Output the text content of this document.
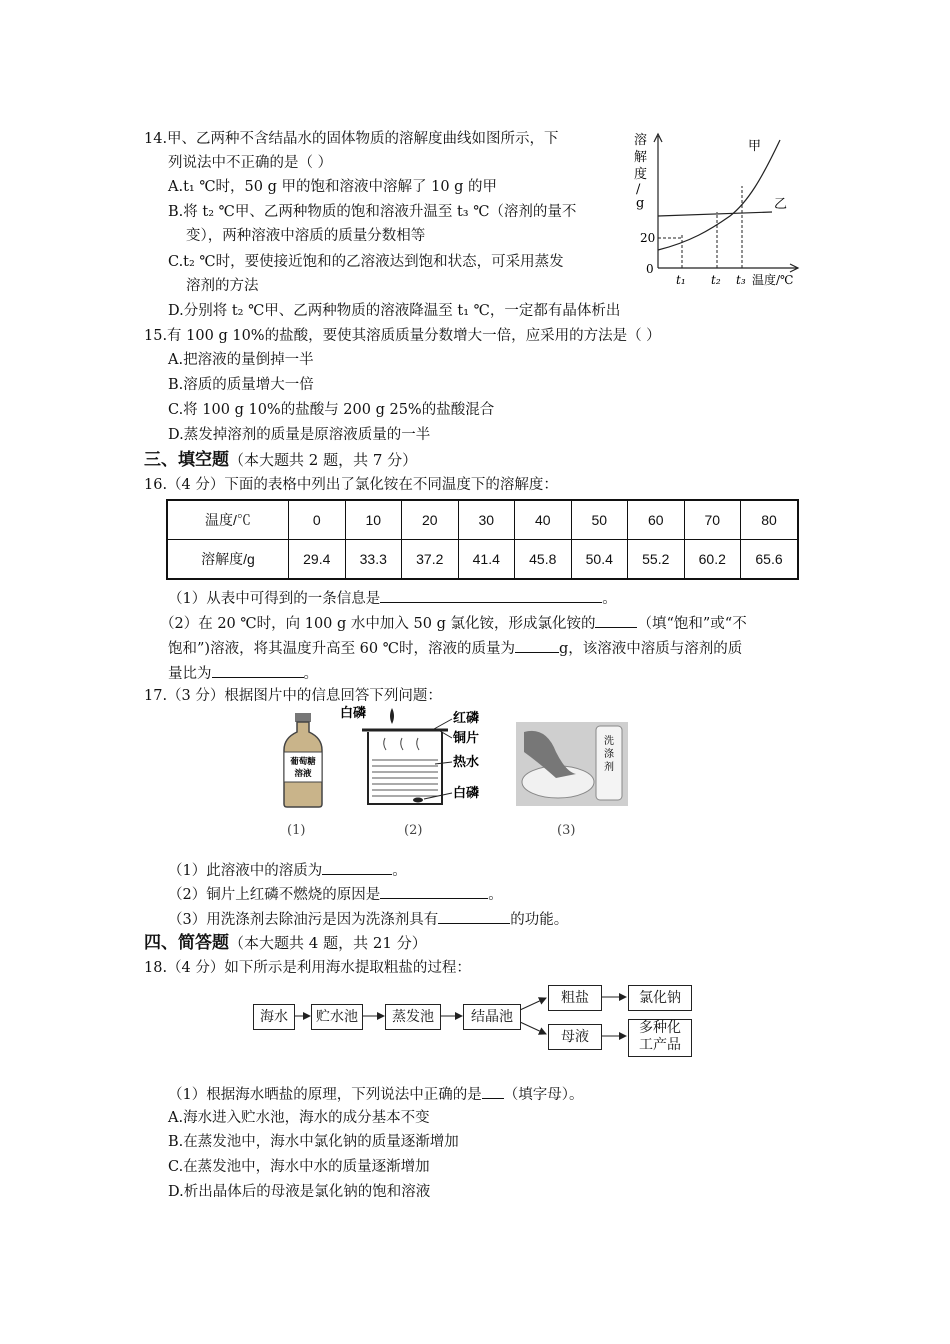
14.甲、乙两种不含结晶水的固体物质的溶解度曲线如图所示，下
列说法中不正确的是（ ）
A.t₁ ℃时，50 g 甲的饱和溶液中溶解了 10 g 的甲
B.将 t₂ ℃甲、乙两种物质的饱和溶液升温至 t₃ ℃（溶剂的量不
变），两种溶液中溶质的质量分数相等
C.t₂ ℃时，要使接近饱和的乙溶液达到饱和状态，可采用蒸发
溶剂的方法
D.分别将 t₂ ℃甲、乙两种物质的溶液降温至 t₁ ℃，一定都有晶体析出
溶
解
度
/
g
0
20
甲
乙
t₁ t₂ t₃ 温度/℃
15.有 100 g 10%的盐酸，要使其溶质质量分数增大一倍，应采用的方法是（ ）
A.把溶液的量倒掉一半
B.溶质的质量增大一倍
C.将 100 g 10%的盐酸与 200 g 25%的盐酸混合
D.蒸发掉溶剂的质量是原溶液质量的一半
三、填空题（本大题共 2 题，共 7 分）
16.（4 分）下面的表格中列出了氯化铵在不同温度下的溶解度：
温度/℃	0	10	20	30	40	50	60	70	80
溶解度/g	29.4	33.3	37.2	41.4	45.8	50.4	55.2	60.2	65.6
（1）从表中可得到的一条信息是	。
（2）在 20 ℃时，向 100 g 水中加入 50 g 氯化铵，形成氯化铵的	（填“饱和”或“不
饱和”)溶液，将其温度升高至 60 ℃时，溶液的质量为	g，该溶液中溶质与溶剂的质
量比为	。
17.（3 分）根据图片中的信息回答下列问题：
葡萄糖
溶液
白磷	红磷
铜片
热水
白磷
洗
涤
剂
(1)	(2)	(3)
（1）此溶液中的溶质为	。
（2）铜片上红磷不燃烧的原因是	。
（3）用洗涤剂去除油污是因为洗涤剂具有	的功能。
四、简答题（本大题共 4 题，共 21 分）
18.（4 分）如下所示是利用海水提取粗盐的过程：
海水	贮水池	蒸发池	结晶池
粗盐	氯化钠
母液
多种化
工产品
（1）根据海水晒盐的原理，下列说法中正确的是 （填字母）。
A.海水进入贮水池，海水的成分基本不变
B.在蒸发池中，海水中氯化钠的质量逐渐增加
C.在蒸发池中，海水中水的质量逐渐增加
D.析出晶体后的母液是氯化钠的饱和溶液
